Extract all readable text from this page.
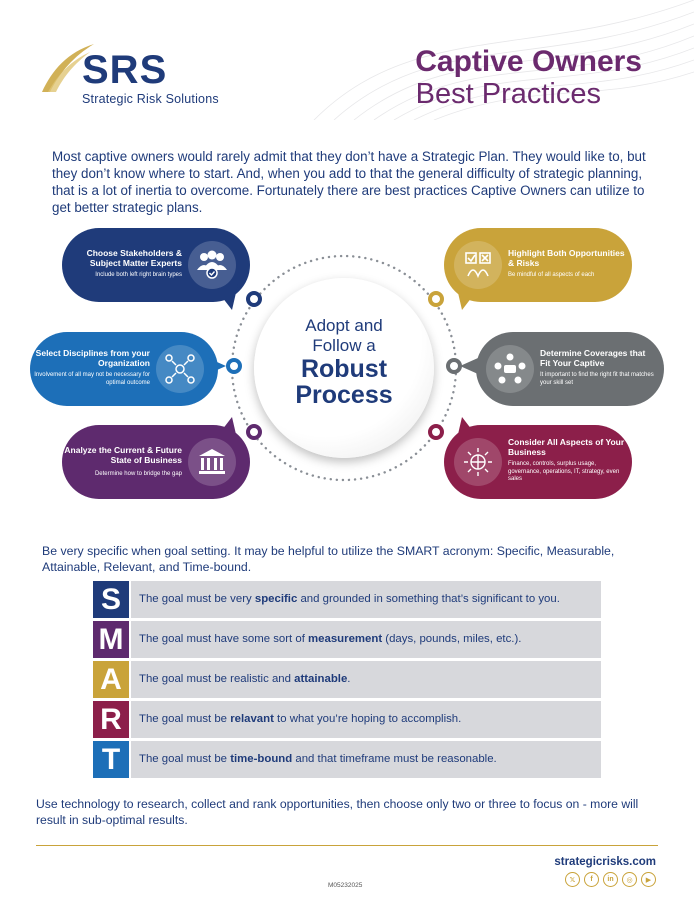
SRS
Strategic Risk Solutions
Captive Owners
Best Practices

Most captive owners would rarely admit that they don’t have a Strategic Plan. They would like to, but they don’t know where to start. And, when you add to that the general difficulty of strategic planning, that is a lot of inertia to overcome. Fortunately there are best practices Captive Owners can utilize to get better strategic plans.

Adopt and
Follow a
Robust
Process
Choose Stakeholders & Subject Matter Experts
Include both left right brain types
Select Disciplines from your Organization
Involvement of all may not be necessary for optimal outcome
Analyze the Current & Future State of Business
Determine how to bridge the gap
Highlight Both Opportunities & Risks
Be mindful of all aspects of each
Determine Coverages that Fit Your Captive
It important to find the right fit that matches your skill set
Consider All Aspects of Your Business
Finance, controls, surplus usage, governance, operations, IT, strategy, even sales

Be very specific when goal setting. It may be helpful to utilize the SMART acronym: Specific, Measurable, Attainable, Relevant, and Time-bound.

S	The goal must be very specific and grounded in something that’s significant to you.
M	The goal must have some sort of measurement (days, pounds, miles, etc.).
A	The goal must be realistic and attainable.
R	The goal must be relavant to what you’re hoping to accomplish.
T	The goal must be time-bound and that timeframe must be reasonable.

Use technology to research, collect and rank opportunities, then choose only two or three to focus on - more will result in sub-optimal results.

strategicrisks.com
𝕏	f	in	◎	▶
M05232025
